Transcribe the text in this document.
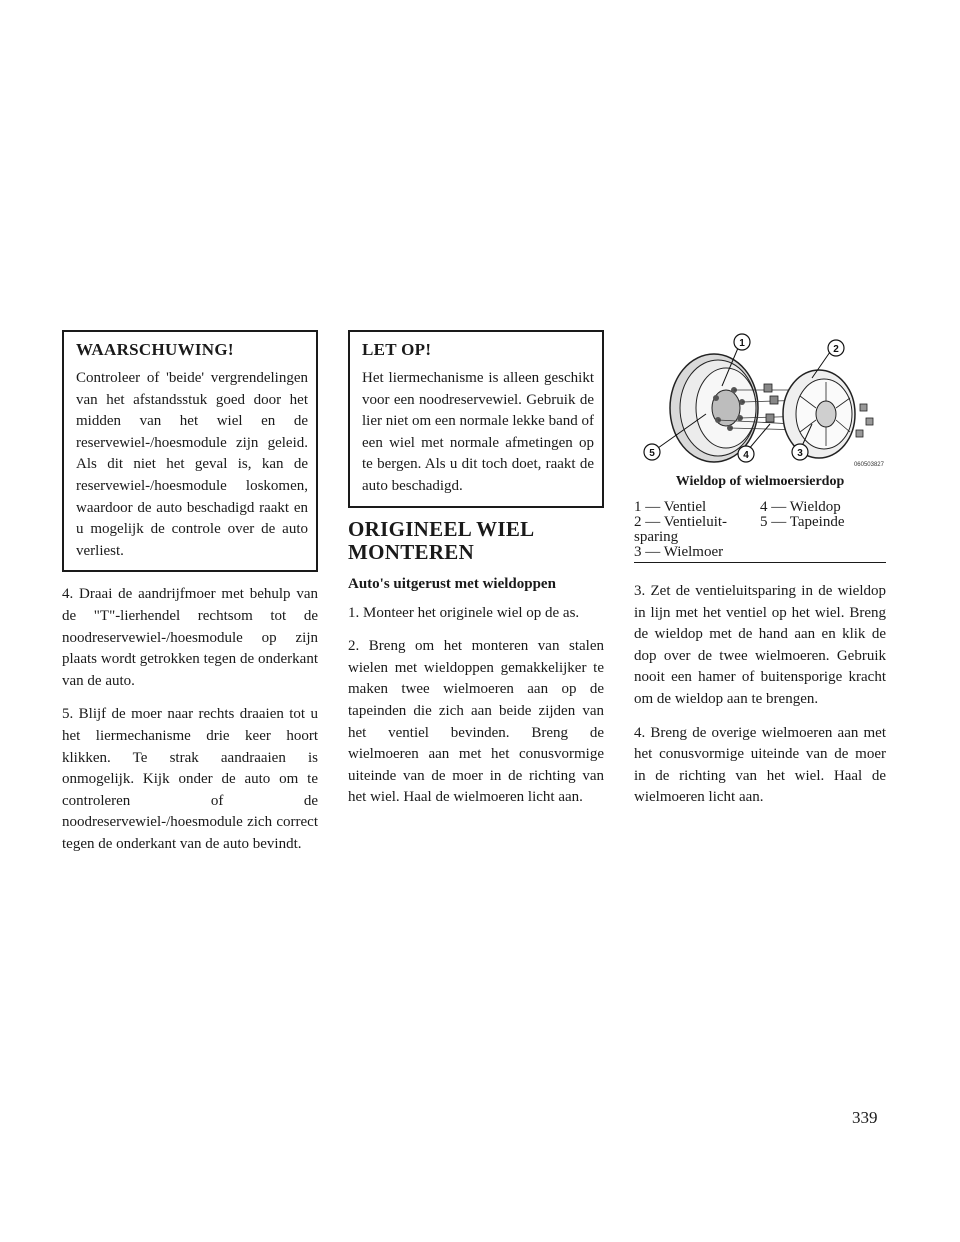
WAARSCHUWING!
Controleer of 'beide' vergrendelingen van het afstandsstuk goed door het midden van het wiel en de reservewiel-/hoesmodule zijn geleid. Als dit niet het geval is, kan de reservewiel-/hoesmodule loskomen, waardoor de auto beschadigd raakt en u mogelijk de controle over de auto verliest.

4. Draai de aandrijfmoer met behulp van de "T"-lierhendel rechtsom tot de noodreservewiel-/hoesmodule op zijn plaats wordt getrokken tegen de onderkant van de auto.

5. Blijf de moer naar rechts draaien tot u het liermechanisme drie keer hoort klikken. Te strak aandraaien is onmogelijk. Kijk onder de auto om te controleren of de noodreservewiel-/hoesmodule zich correct tegen de onderkant van de auto bevindt.

LET OP!
Het liermechanisme is alleen geschikt voor een noodreservewiel. Gebruik de lier niet om een normale lekke band of een wiel met normale afmetingen op te bergen. Als u dit toch doet, raakt de auto beschadigd.
ORIGINEEL WIEL
MONTEREN
Auto's uitgerust met wieldoppen

1. Monteer het originele wiel op de as.

2. Breng om het monteren van stalen wielen met wieldoppen gemakkelijker te maken twee wielmoeren aan op de tapeinden die zich aan beide zijden van het ventiel bevinden. Breng de wielmoeren aan met het conusvormige uiteinde van de moer in de richting van het wiel. Haal de wielmoeren licht aan.

1
2
3
4
5
060503827
Wieldop of wielmoersierdop
1 — Ventiel	4 — Wieldop
2 — Ventieluit-	5 — Tapeinde
sparing
3 — Wielmoer

3. Zet de ventieluitsparing in de wieldop in lijn met het ventiel op het wiel. Breng de wieldop met de hand aan en klik de dop over de twee wielmoeren. Gebruik nooit een hamer of buitensporige kracht om de wieldop aan te brengen.

4. Breng de overige wielmoeren aan met het conusvormige uiteinde van de moer in de richting van het wiel. Haal de wielmoeren licht aan.

339
